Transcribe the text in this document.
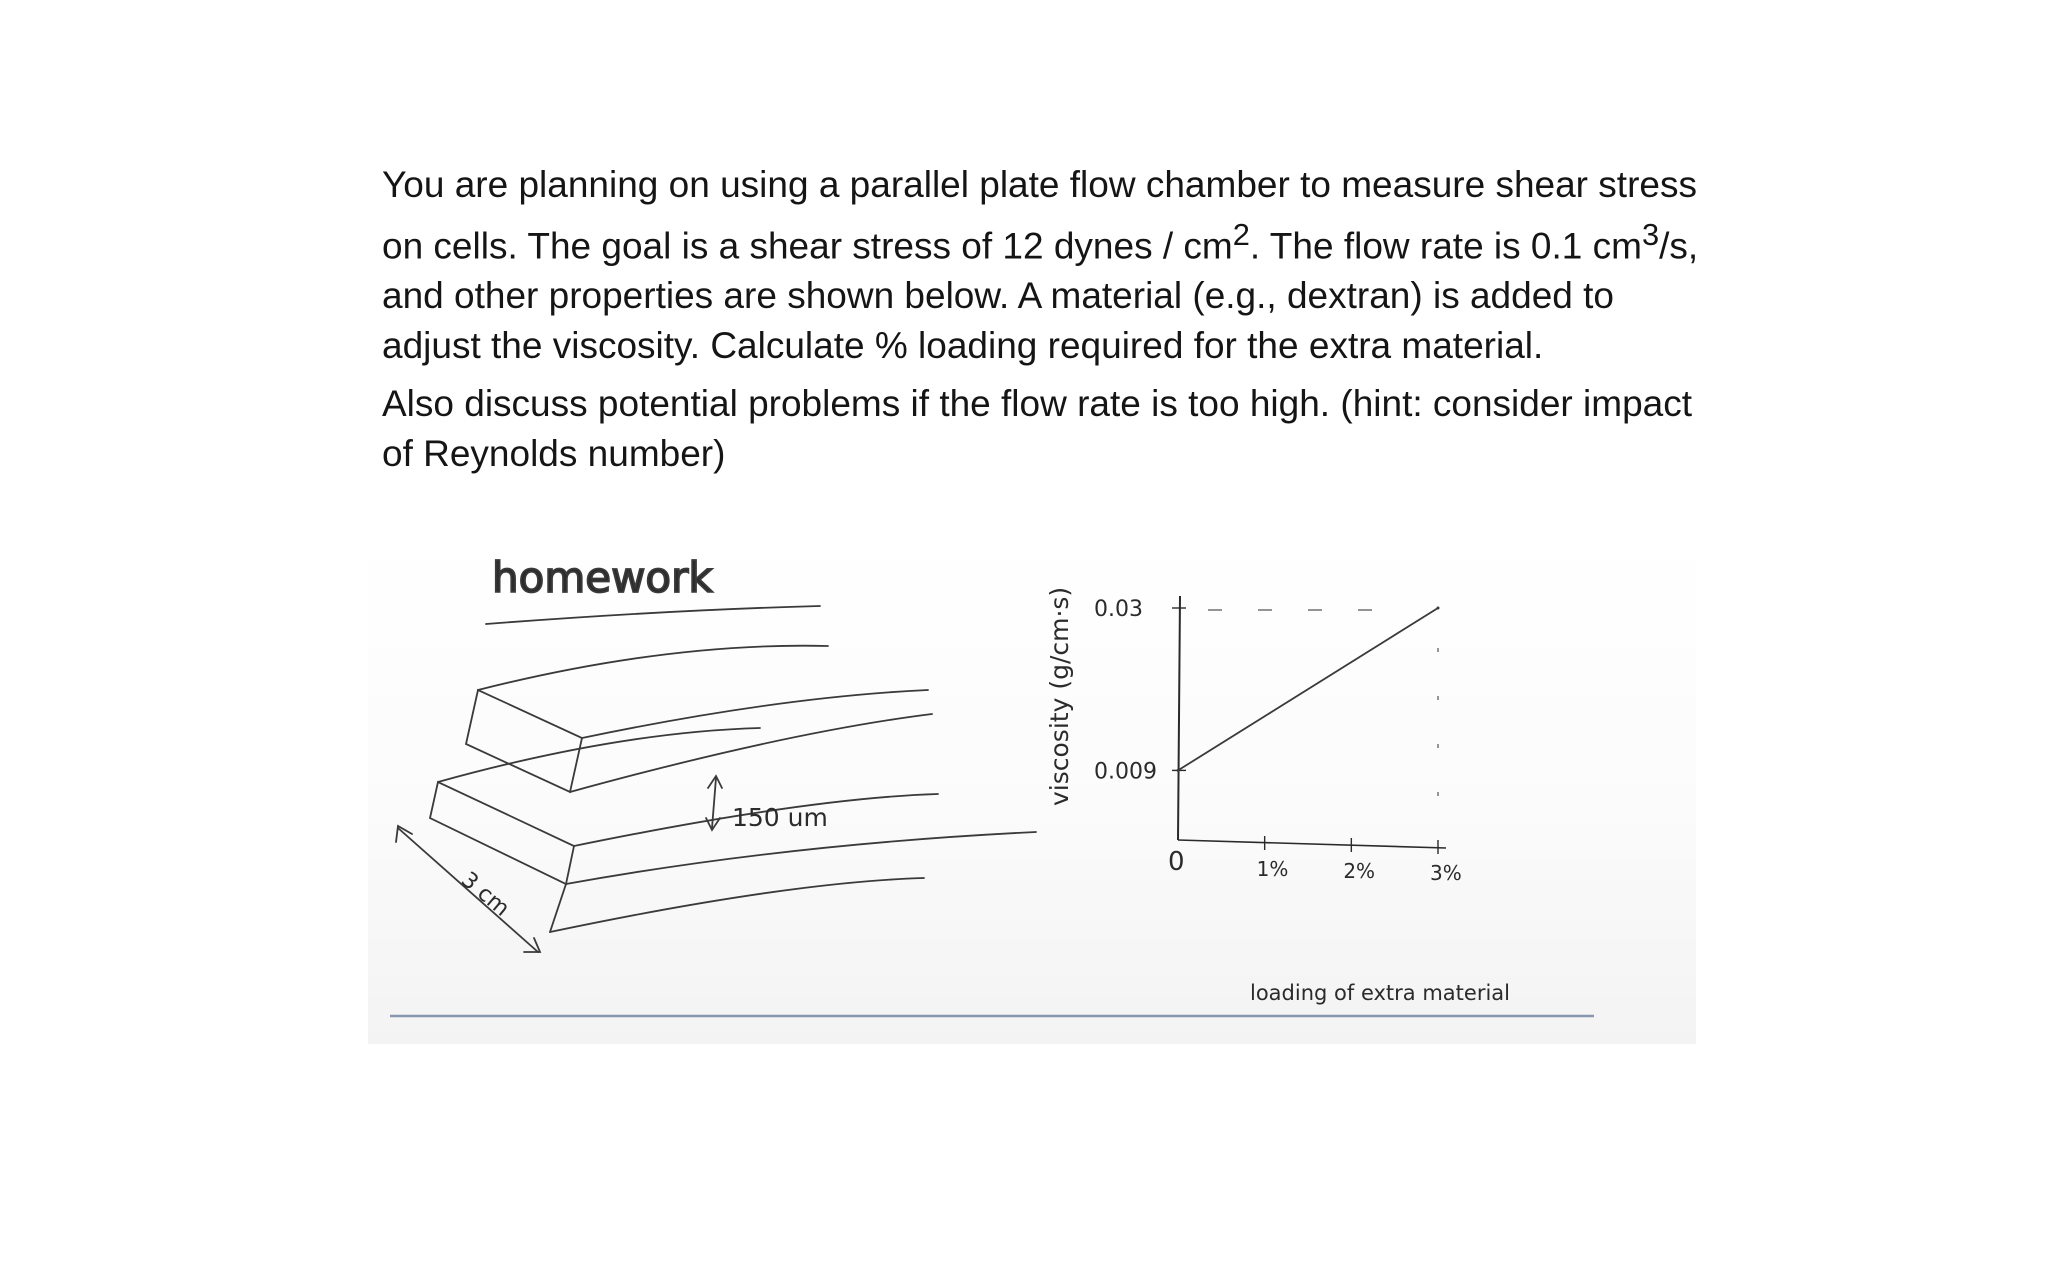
You are planning on using a parallel plate flow chamber to measure shear stress on cells. The goal is a shear stress of 12 dynes / $cm^2$. The flow rate is 0.1 $cm^3/s$, and other properties are shown below. A material (e.g., dextran) is added to adjust the viscosity. Calculate % loading required for the extra material.

Also discuss potential problems if the flow rate is too high. (hint: consider impact of Reynolds number)

homework
150 um
3 cm
0	1%	2%	3%
0.009
0.03
viscosity (g/cm·s)
loading of extra material
